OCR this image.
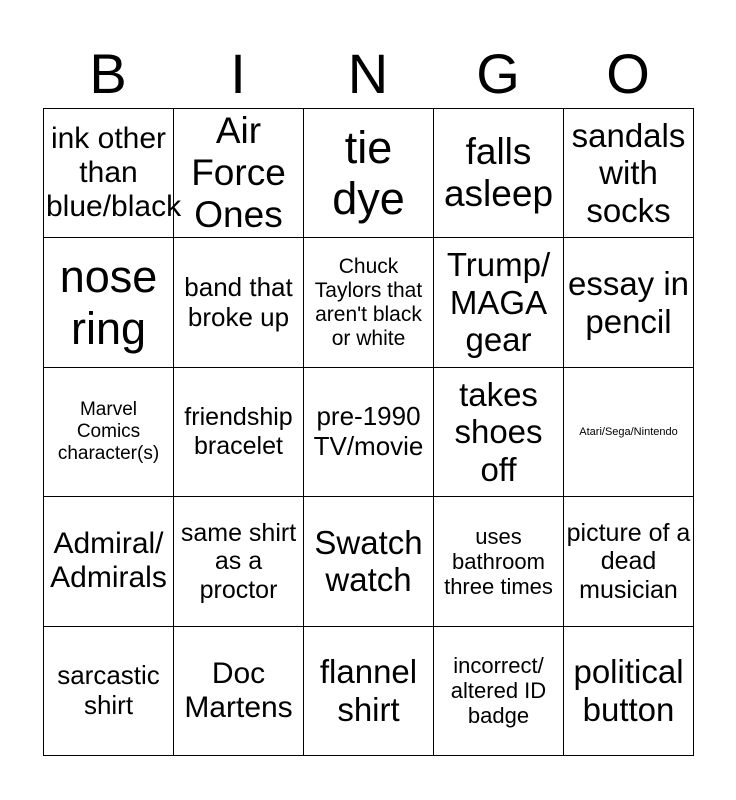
B	I	N	G	O
ink other than blue/black	Air Force Ones	tie dye	falls asleep	sandals with socks
nose ring	band that broke up	Chuck Taylors that aren't black or white	Trump/ MAGA gear	essay in pencil
Marvel Comics character(s)	friendship bracelet	pre-1990 TV/movie	takes shoes off	Atari/Sega/Nintendo
Admiral/ Admirals	same shirt as a proctor	Swatch watch	uses bathroom three times	picture of a dead musician
sarcastic shirt	Doc Martens	flannel shirt	incorrect/ altered ID badge	political button
